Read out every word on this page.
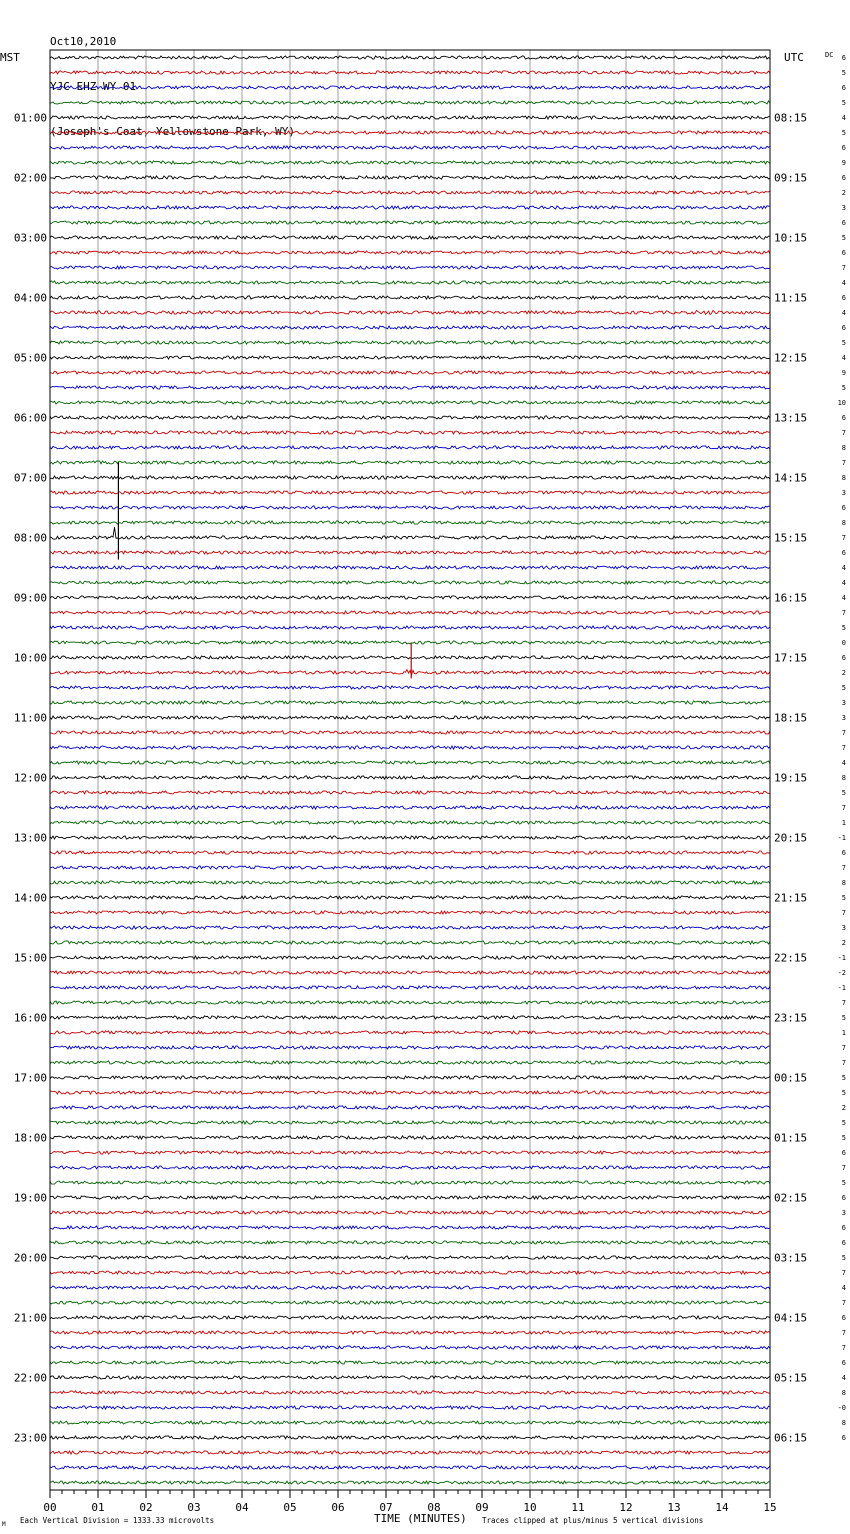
Oct10,2010

YJC EHZ WY 01

(Joseph's Coat, Yellowstone Park, WY)

00	01	02	03	04	05	06	07	08	09	10	11	12	13	14	15
01:00
02:00
03:00
04:00
05:00
06:00
07:00
08:00
09:00
10:00
11:00
12:00
13:00
14:00
15:00
16:00
17:00
18:00
19:00
20:00
21:00
22:00
23:00
08:15
09:15
10:15
11:15
12:15
13:15
14:15
15:15
16:15
17:15
18:15
19:15
20:15
21:15
22:15
23:15
00:15
01:15
02:15
03:15
04:15
05:15
06:15
6
5
6
5
4
5
6
9
6
2
3
6
5
6
7
4
6
4
6
5
4
9
5
10
6
7
8
7
8
3
6
8
7
6
4
4
4
7
5
0
6
2
5
3
3
7
7
4
8
5
7
1
-1
6
7
8
5
7
3
2
-1
-2
-1
7
5
1
7
7
5
5
2
5
5
6
7
5
6
3
6
6
5
7
4
7
6
7
7
6
4
8
-0
8
6
MST	UTC	DC
TIME (MINUTES)
Each Vertical Division = 1333.33 microvolts	Traces clipped at plus/minus 5 vertical divisions
M
